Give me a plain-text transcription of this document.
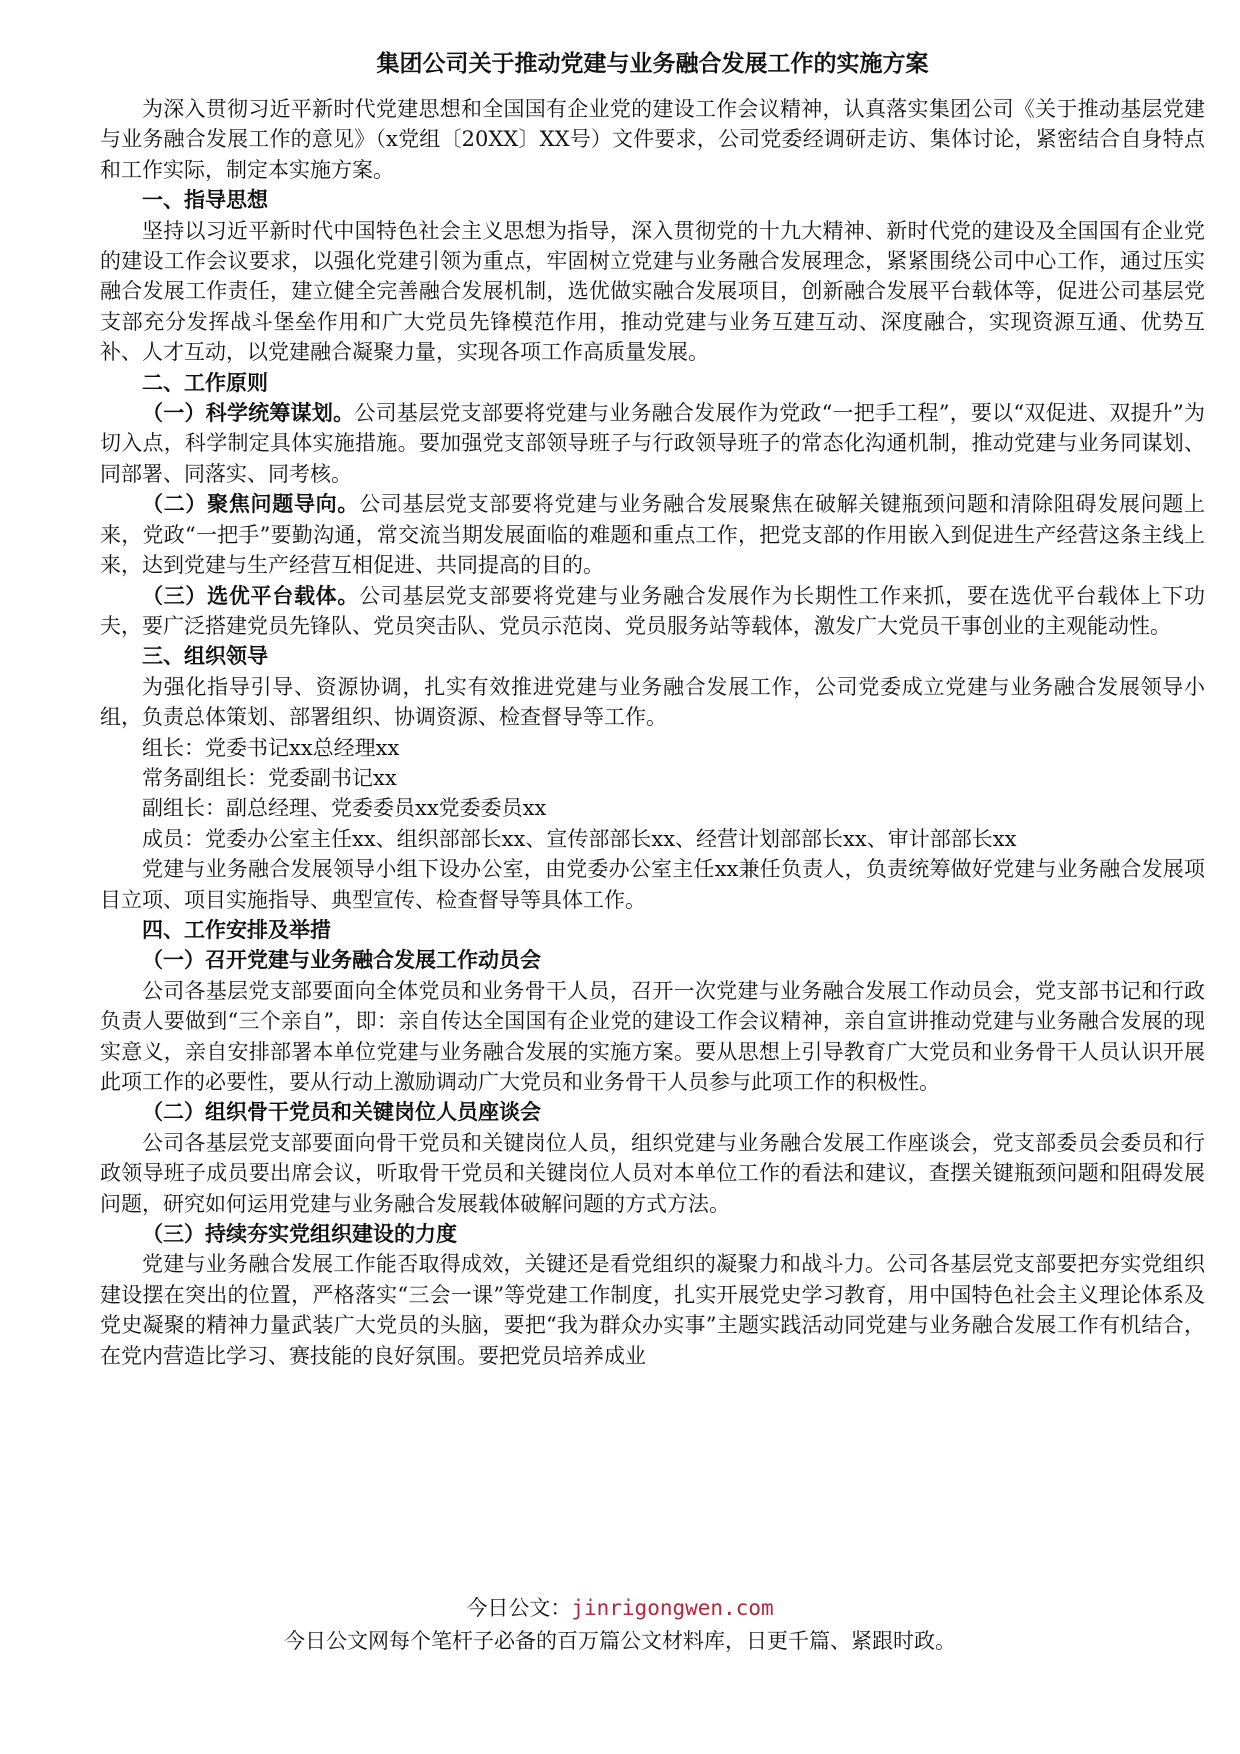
集团公司关于推动党建与业务融合发展工作的实施方案

为深入贯彻习近平新时代党建思想和全国国有企业党的建设工作会议精神，认真落实集团公司《关于推动基层党建与业务融合发展工作的意见》（x党组〔20XX〕XX号）文件要求，公司党委经调研走访、集体讨论，紧密结合自身特点和工作实际，制定本实施方案。

一、指导思想

坚持以习近平新时代中国特色社会主义思想为指导，深入贯彻党的十九大精神、新时代党的建设及全国国有企业党的建设工作会议要求，以强化党建引领为重点，牢固树立党建与业务融合发展理念，紧紧围绕公司中心工作，通过压实融合发展工作责任，建立健全完善融合发展机制，选优做实融合发展项目，创新融合发展平台载体等，促进公司基层党支部充分发挥战斗堡垒作用和广大党员先锋模范作用，推动党建与业务互建互动、深度融合，实现资源互通、优势互补、人才互动，以党建融合凝聚力量，实现各项工作高质量发展。

二、工作原则

（一）科学统筹谋划。公司基层党支部要将党建与业务融合发展作为党政“一把手工程”，要以“双促进、双提升”为切入点，科学制定具体实施措施。要加强党支部领导班子与行政领导班子的常态化沟通机制，推动党建与业务同谋划、同部署、同落实、同考核。

（二）聚焦问题导向。公司基层党支部要将党建与业务融合发展聚焦在破解关键瓶颈问题和清除阻碍发展问题上来，党政“一把手”要勤沟通，常交流当期发展面临的难题和重点工作，把党支部的作用嵌入到促进生产经营这条主线上来，达到党建与生产经营互相促进、共同提高的目的。

（三）选优平台载体。公司基层党支部要将党建与业务融合发展作为长期性工作来抓，要在选优平台载体上下功夫，要广泛搭建党员先锋队、党员突击队、党员示范岗、党员服务站等载体，激发广大党员干事创业的主观能动性。

三、组织领导

为强化指导引导、资源协调，扎实有效推进党建与业务融合发展工作，公司党委成立党建与业务融合发展领导小组，负责总体策划、部署组织、协调资源、检查督导等工作。

组长：党委书记xx总经理xx

常务副组长：党委副书记xx

副组长：副总经理、党委委员xx党委委员xx

成员：党委办公室主任xx、组织部部长xx、宣传部部长xx、经营计划部部长xx、审计部部长xx

党建与业务融合发展领导小组下设办公室，由党委办公室主任xx兼任负责人，负责统筹做好党建与业务融合发展项目立项、项目实施指导、典型宣传、检查督导等具体工作。

四、工作安排及举措

（一）召开党建与业务融合发展工作动员会

公司各基层党支部要面向全体党员和业务骨干人员，召开一次党建与业务融合发展工作动员会，党支部书记和行政负责人要做到“三个亲自”，即：亲自传达全国国有企业党的建设工作会议精神，亲自宣讲推动党建与业务融合发展的现实意义，亲自安排部署本单位党建与业务融合发展的实施方案。要从思想上引导教育广大党员和业务骨干人员认识开展此项工作的必要性，要从行动上激励调动广大党员和业务骨干人员参与此项工作的积极性。

（二）组织骨干党员和关键岗位人员座谈会

公司各基层党支部要面向骨干党员和关键岗位人员，组织党建与业务融合发展工作座谈会，党支部委员会委员和行政领导班子成员要出席会议，听取骨干党员和关键岗位人员对本单位工作的看法和建议，查摆关键瓶颈问题和阻碍发展问题，研究如何运用党建与业务融合发展载体破解问题的方式方法。

（三）持续夯实党组织建设的力度

党建与业务融合发展工作能否取得成效，关键还是看党组织的凝聚力和战斗力。公司各基层党支部要把夯实党组织建设摆在突出的位置，严格落实“三会一课”等党建工作制度，扎实开展党史学习教育，用中国特色社会主义理论体系及党史凝聚的精神力量武装广大党员的头脑，要把“我为群众办实事”主题实践活动同党建与业务融合发展工作有机结合，在党内营造比学习、赛技能的良好氛围。要把党员培养成业

今日公文：jinrigongwen.com
今日公文网每个笔杆子必备的百万篇公文材料库，日更千篇、紧跟时政。
